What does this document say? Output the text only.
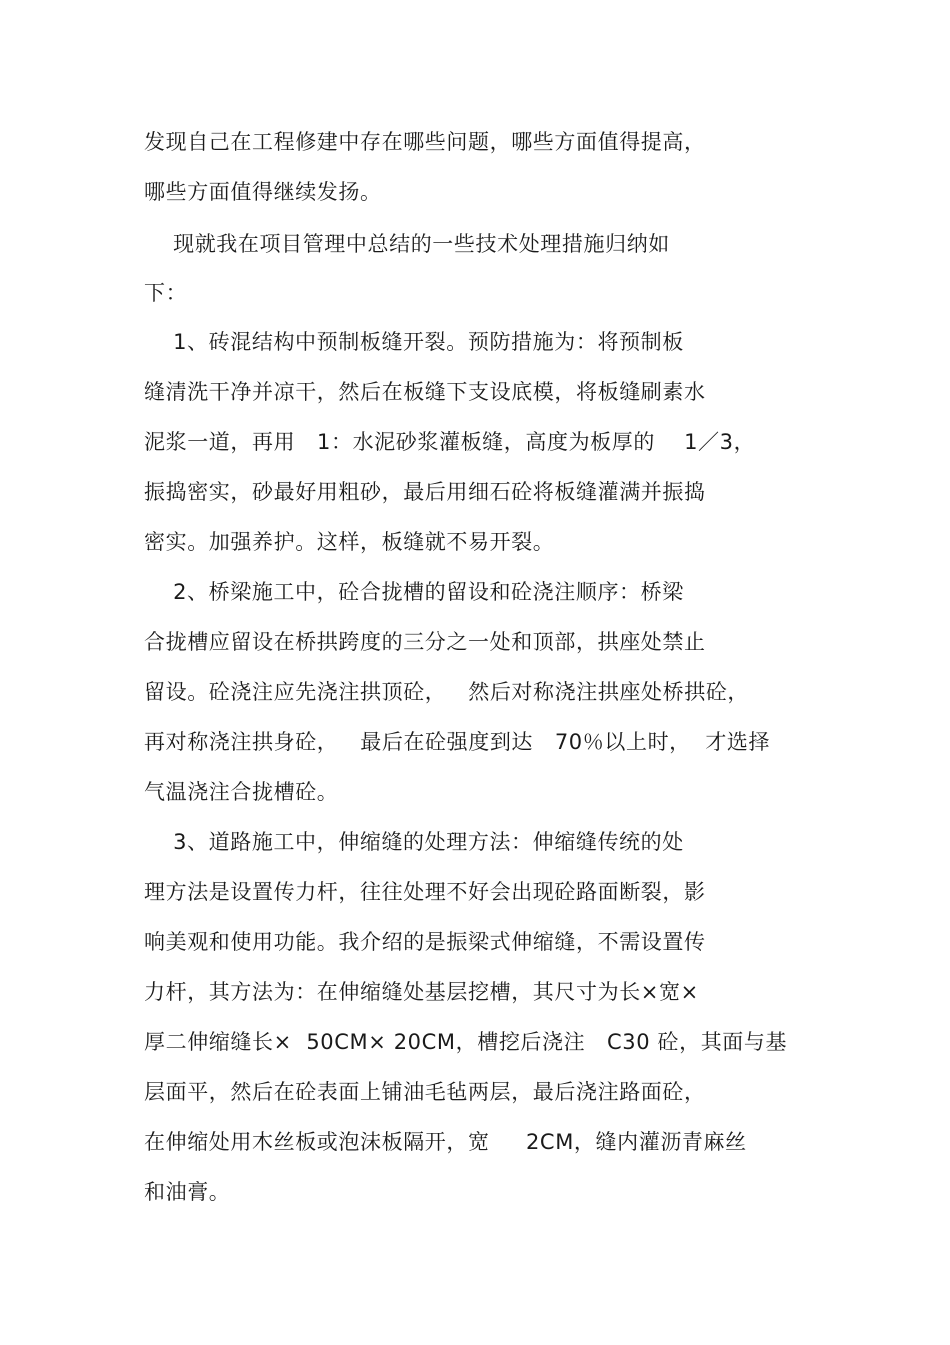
发现自己在工程修建中存在哪些问题，哪些方面值得提高，
哪些方面值得继续发扬。
现就我在项目管理中总结的一些技术处理措施归纳如
下：
1、砖混结构中预制板缝开裂。预防措施为：将预制板
缝清洗干净并凉干，然后在板缝下支设底模，将板缝刷素水
泥浆一道，再用   1：水泥砂浆灌板缝，高度为板厚的    1／3，
振捣密实，砂最好用粗砂，最后用细石砼将板缝灌满并振捣
密实。加强养护。这样，板缝就不易开裂。
2、桥梁施工中，砼合拢槽的留设和砼浇注顺序：桥梁
合拢槽应留设在桥拱跨度的三分之一处和顶部，拱座处禁止
留设。砼浇注应先浇注拱顶砼，   然后对称浇注拱座处桥拱砼，
再对称浇注拱身砼，   最后在砼强度到达   70％以上时，  才选择
气温浇注合拢槽砼。
3、道路施工中，伸缩缝的处理方法：伸缩缝传统的处
理方法是设置传力杆，往往处理不好会出现砼路面断裂，影
响美观和使用功能。我介绍的是振梁式伸缩缝，不需设置传
力杆，其方法为：在伸缩缝处基层挖槽，其尺寸为长×宽×
厚二伸缩缝长×  50CM× 20CM，槽挖后浇注   C30 砼，其面与基
层面平，然后在砼表面上铺油毛毡两层，最后浇注路面砼，
在伸缩处用木丝板或泡沫板隔开，宽     2CM，缝内灌沥青麻丝
和油膏。
